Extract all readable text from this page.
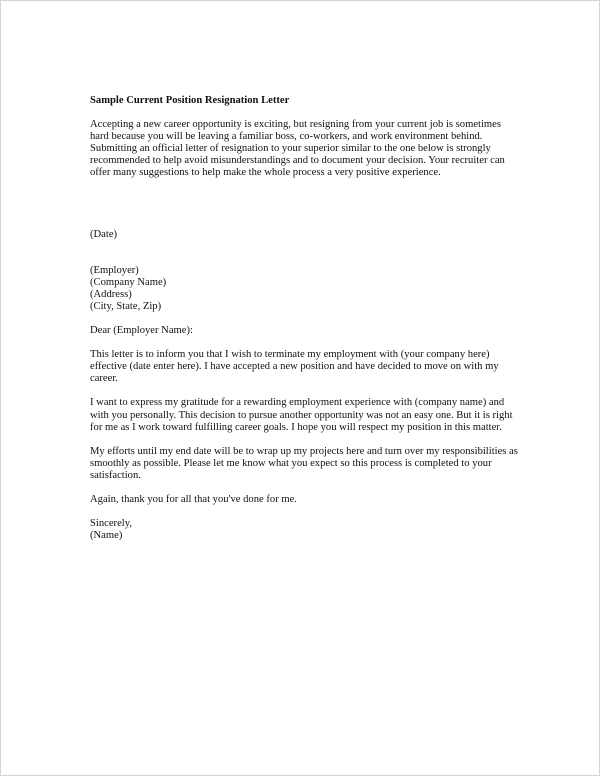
Sample Current Position Resignation Letter

Accepting a new career opportunity is exciting, but resigning from your current job is sometimes hard because you will be leaving a familiar boss, co-workers, and work environment behind. Submitting an official letter of resignation to your superior similar to the one below is strongly recommended to help avoid misunderstandings and to document your decision. Your recruiter can offer many suggestions to help make the whole process a very positive experience.

(Date)

(Employer)
(Company Name)
(Address)
(City, State, Zip)

Dear (Employer Name):

This letter is to inform you that I wish to terminate my employment with (your company here) effective (date enter here). I have accepted a new position and have decided to move on with my career.

I want to express my gratitude for a rewarding employment experience with (company name) and with you personally. This decision to pursue another opportunity was not an easy one. But it is right for me as I work toward fulfilling career goals. I hope you will respect my position in this matter.

My efforts until my end date will be to wrap up my projects here and turn over my responsibilities as smoothly as possible. Please let me know what you expect so this process is completed to your satisfaction.

Again, thank you for all that you've done for me.

Sincerely,
(Name)
